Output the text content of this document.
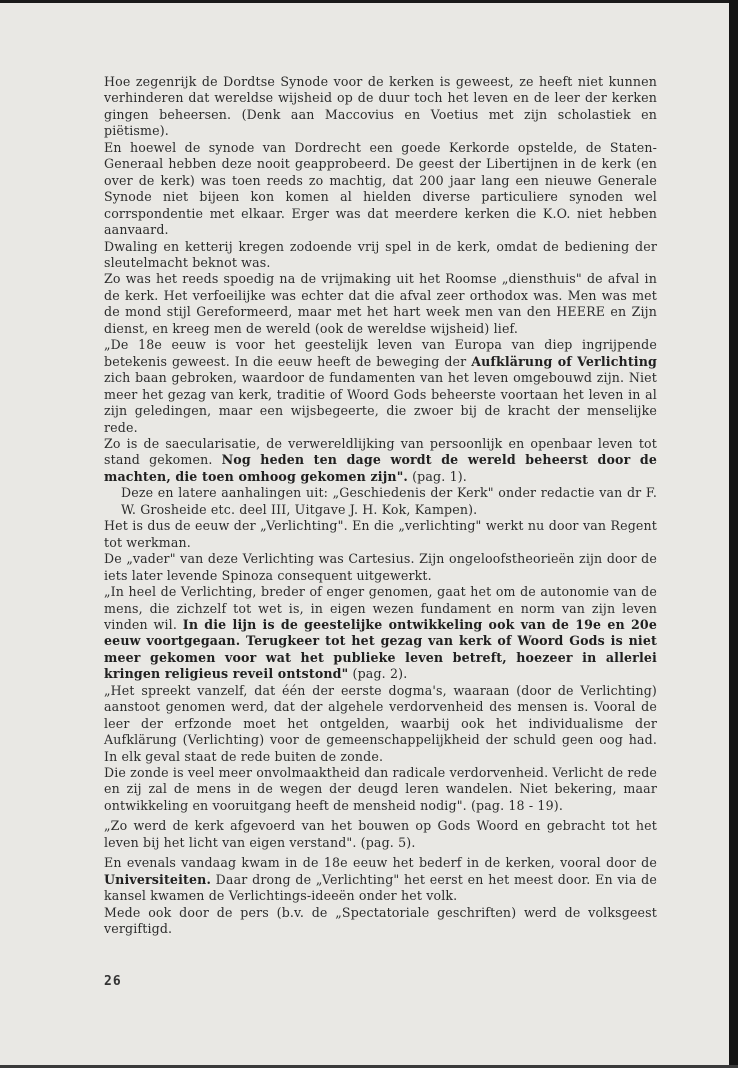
Hoe zegenrijk de Dordtse Synode voor de kerken is geweest, ze heeft niet kunnen verhinderen dat wereldse wijsheid op de duur toch het leven en de leer der kerken gingen beheersen. (Denk aan Maccovius en Voetius met zijn scholastiek en piëtisme).

En hoewel de synode van Dordrecht een goede Kerkorde opstelde, de Staten-Generaal hebben deze nooit geapprobeerd. De geest der Libertijnen in de kerk (en over de kerk) was toen reeds zo machtig, dat 200 jaar lang een nieuwe Generale Synode niet bijeen kon komen al hielden diverse particuliere synoden wel corrspondentie met elkaar. Erger was dat meerdere kerken die K.O. niet hebben aanvaard.

Dwaling en ketterij kregen zodoende vrij spel in de kerk, omdat de bediening der sleutelmacht beknot was.

Zo was het reeds spoedig na de vrijmaking uit het Roomse „diensthuis" de afval in de kerk. Het verfoeilijke was echter dat die afval zeer orthodox was. Men was met de mond stijl Gereformeerd, maar met het hart week men van den HEERE en Zijn dienst, en kreeg men de wereld (ook de wereldse wijsheid) lief.

„De 18e eeuw is voor het geestelijk leven van Europa van diep ingrijpende betekenis geweest. In die eeuw heeft de beweging der Aufklärung of Verlichting zich baan gebroken, waardoor de fundamenten van het leven omgebouwd zijn. Niet meer het gezag van kerk, traditie of Woord Gods beheerste voortaan het leven in al zijn geledingen, maar een wijsbegeerte, die zwoer bij de kracht der menselijke rede.

Zo is de saecularisatie, de verwereldlijking van persoonlijk en openbaar leven tot stand gekomen. Nog heden ten dage wordt de wereld beheerst door de machten, die toen omhoog gekomen zijn". (pag. 1).

Deze en latere aanhalingen uit: „Geschiedenis der Kerk" onder redactie van dr F. W. Grosheide etc. deel III, Uitgave J. H. Kok, Kampen).

Het is dus de eeuw der „Verlichting". En die „verlichting" werkt nu door van Regent tot werkman.

De „vader" van deze Verlichting was Cartesius. Zijn ongeloofstheorieën zijn door de iets later levende Spinoza consequent uitgewerkt.

„In heel de Verlichting, breder of enger genomen, gaat het om de autonomie van de mens, die zichzelf tot wet is, in eigen wezen fundament en norm van zijn leven vinden wil. In die lijn is de geestelijke ontwikkeling ook van de 19e en 20e eeuw voortgegaan. Terugkeer tot het gezag van kerk of Woord Gods is niet meer gekomen voor wat het publieke leven betreft, hoezeer in allerlei kringen religieus reveil ontstond" (pag. 2).

„Het spreekt vanzelf, dat één der eerste dogma's, waaraan (door de Verlichting) aanstoot genomen werd, dat der algehele verdorvenheid des mensen is. Vooral de leer der erfzonde moet het ontgelden, waarbij ook het individualisme der Aufklärung (Verlichting) voor de gemeenschappelijkheid der schuld geen oog had. In elk geval staat de rede buiten de zonde.

Die zonde is veel meer onvolmaaktheid dan radicale verdorvenheid. Verlicht de rede en zij zal de mens in de wegen der deugd leren wandelen. Niet bekering, maar ontwikkeling en vooruitgang heeft de mensheid nodig". (pag. 18 - 19).

„Zo werd de kerk afgevoerd van het bouwen op Gods Woord en gebracht tot het leven bij het licht van eigen verstand". (pag. 5).

En evenals vandaag kwam in de 18e eeuw het bederf in de kerken, vooral door de Universiteiten. Daar drong de „Verlichting" het eerst en het meest door. En via de kansel kwamen de Verlichtings-ideeën onder het volk.

Mede ook door de pers (b.v. de „Spectatoriale geschriften) werd de volksgeest vergiftigd.

26
